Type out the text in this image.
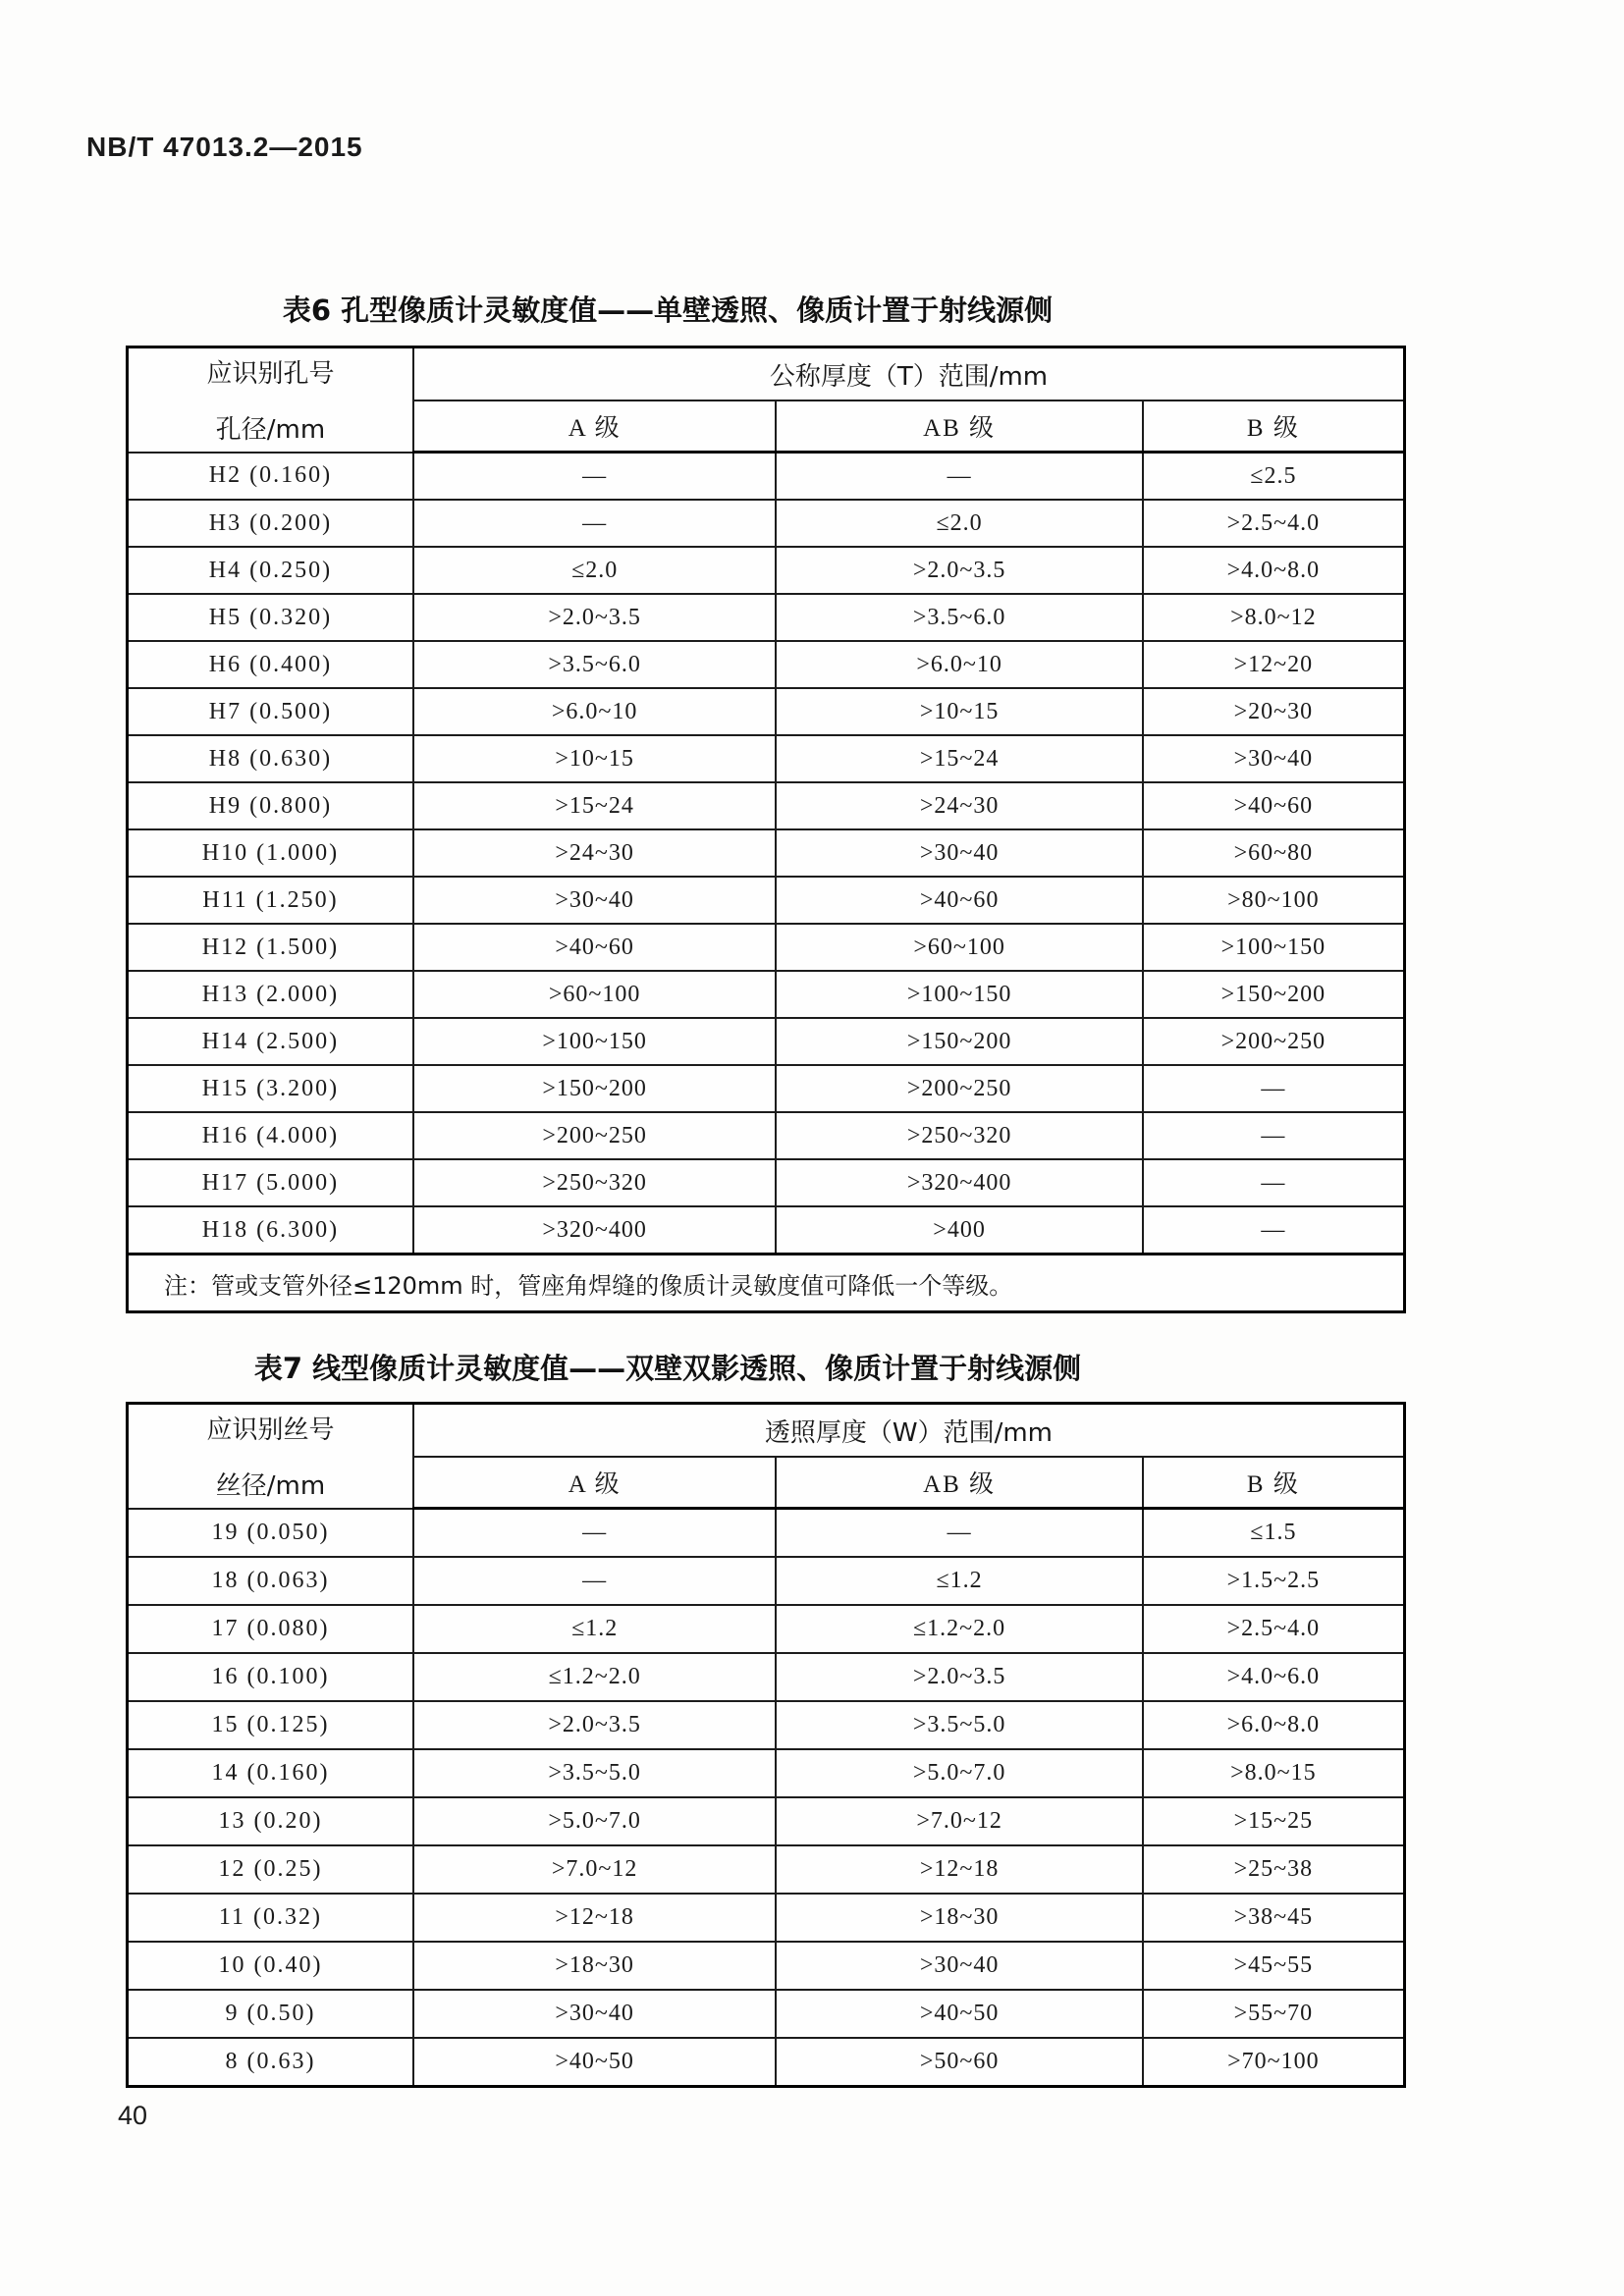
NB/T 47013.2—2015
表6 孔型像质计灵敏度值——单壁透照、像质计置于射线源侧
应识别孔号
孔径/mm	公称厚度（T）范围/mm		
	A 级	AB 级	B 级
H2 (0.160)	—	—	≤2.5
H3 (0.200)	—	≤2.0	>2.5~4.0
H4 (0.250)	≤2.0	>2.0~3.5	>4.0~8.0
H5 (0.320)	>2.0~3.5	>3.5~6.0	>8.0~12
H6 (0.400)	>3.5~6.0	>6.0~10	>12~20
H7 (0.500)	>6.0~10	>10~15	>20~30
H8 (0.630)	>10~15	>15~24	>30~40
H9 (0.800)	>15~24	>24~30	>40~60
H10 (1.000)	>24~30	>30~40	>60~80
H11 (1.250)	>30~40	>40~60	>80~100
H12 (1.500)	>40~60	>60~100	>100~150
H13 (2.000)	>60~100	>100~150	>150~200
H14 (2.500)	>100~150	>150~200	>200~250
H15 (3.200)	>150~200	>200~250	—
H16 (4.000)	>200~250	>250~320	—
H17 (5.000)	>250~320	>320~400	—
H18 (6.300)	>320~400	>400	—
注：管或支管外径≤120mm 时，管座角焊缝的像质计灵敏度值可降低一个等级。			
表7 线型像质计灵敏度值——双壁双影透照、像质计置于射线源侧
应识别丝号
丝径/mm	透照厚度（W）范围/mm		
	A 级	AB 级	B 级
19 (0.050)	—	—	≤1.5
18 (0.063)	—	≤1.2	>1.5~2.5
17 (0.080)	≤1.2	≤1.2~2.0	>2.5~4.0
16 (0.100)	≤1.2~2.0	>2.0~3.5	>4.0~6.0
15 (0.125)	>2.0~3.5	>3.5~5.0	>6.0~8.0
14 (0.160)	>3.5~5.0	>5.0~7.0	>8.0~15
13 (0.20)	>5.0~7.0	>7.0~12	>15~25
12 (0.25)	>7.0~12	>12~18	>25~38
11 (0.32)	>12~18	>18~30	>38~45
10 (0.40)	>18~30	>30~40	>45~55
9 (0.50)	>30~40	>40~50	>55~70
8 (0.63)	>40~50	>50~60	>70~100
40
